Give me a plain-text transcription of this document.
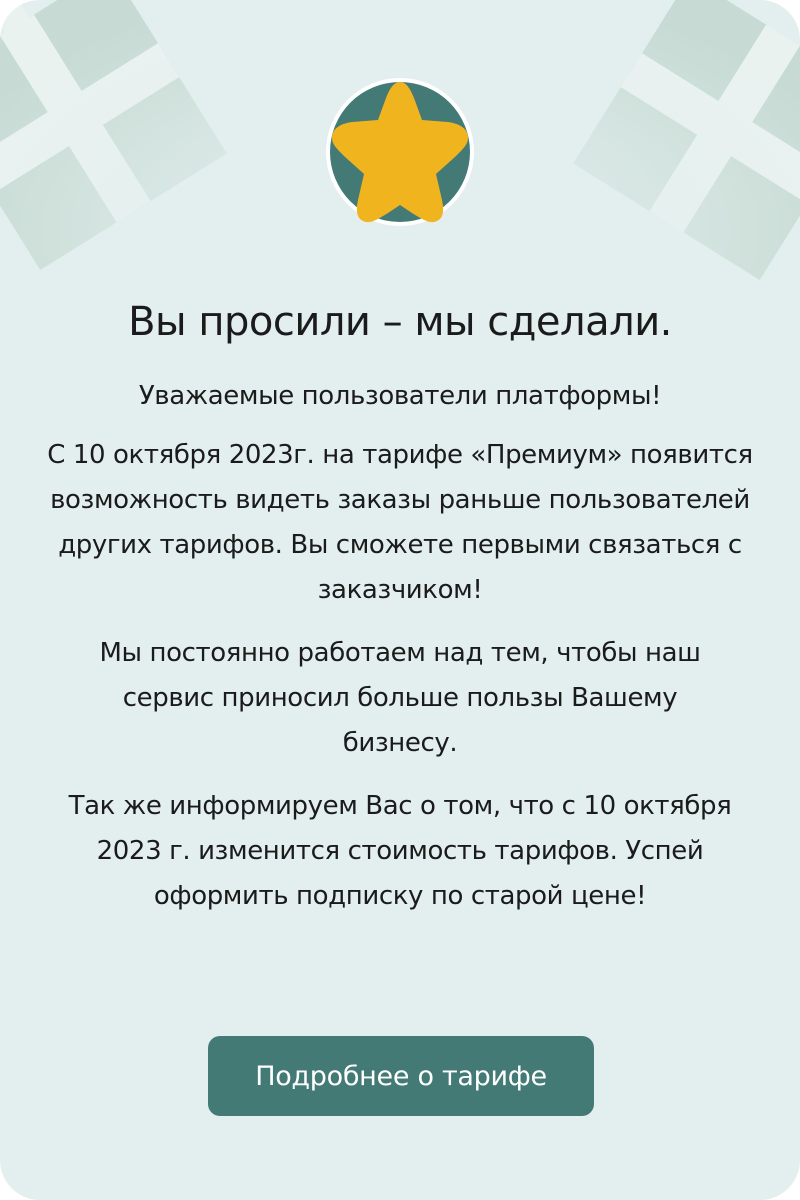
Вы просили – мы сделали.

Уважаемые пользователи платформы!

С 10 октября 2023г. на тарифе «Премиум» появится возможность видеть заказы раньше пользователей других тарифов. Вы сможете первыми связаться с заказчиком!

Мы постоянно работаем над тем, чтобы наш сервис приносил больше пользы Вашему бизнесу.

Так же информируем Вас о том, что с 10 октября 2023 г. изменится стоимость тарифов. Успей оформить подписку по старой цене!

Подробнее о тарифе
